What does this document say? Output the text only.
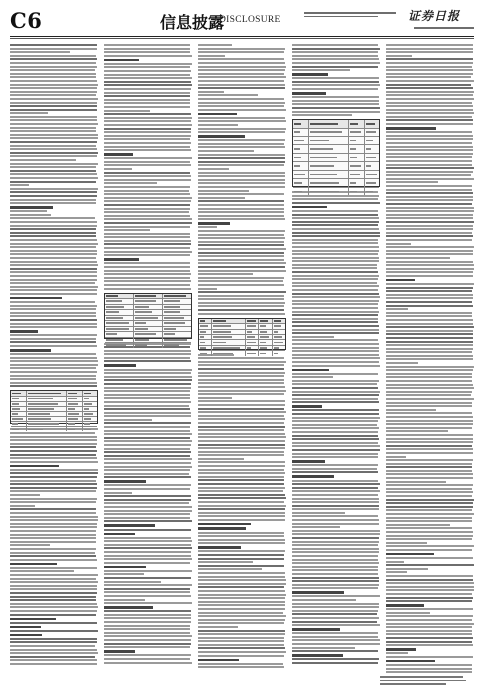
C6	信息披露
DISCLOSURE	证券日报
